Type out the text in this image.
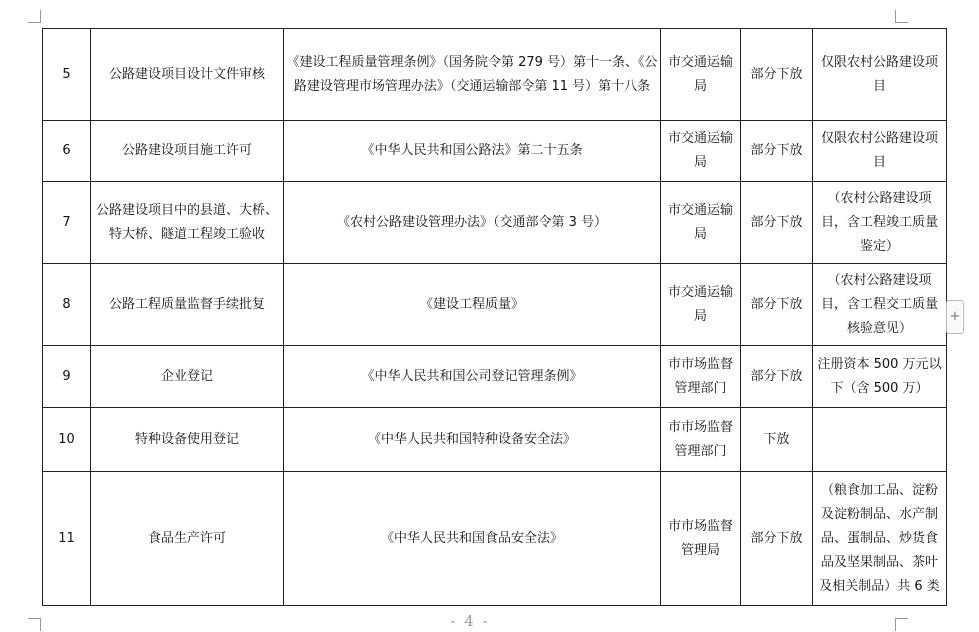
5	公路建设项目设计文件审核	《建设工程质量管理条例》（国务院令第 279 号）第十一条、《公路建设管理市场管理办法》（交通运输部令第 11 号）第十八条	市交通运输局	部分下放	仅限农村公路建设项目
6	公路建设项目施工许可	《中华人民共和国公路法》第二十五条	市交通运输局	部分下放	仅限农村公路建设项目
7	公路建设项目中的县道、大桥、特大桥、隧道工程竣工验收	《农村公路建设管理办法》（交通部令第 3 号）	市交通运输局	部分下放	（农村公路建设项目，含工程竣工质量鉴定）
8	公路工程质量监督手续批复	《建设工程质量》	市交通运输局	部分下放	（农村公路建设项目，含工程交工质量核验意见）
9	企业登记	《中华人民共和国公司登记管理条例》	市市场监督管理部门	部分下放	注册资本 500 万元以下（含 500 万）
10	特种设备使用登记	《中华人民共和国特种设备安全法》	市市场监督管理部门	下放	
11	食品生产许可	《中华人民共和国食品安全法》	市市场监督管理局	部分下放	（粮食加工品、淀粉及淀粉制品、水产制品、蛋制品、炒货食品及坚果制品、茶叶及相关制品）共 6 类
+
- 4 -
